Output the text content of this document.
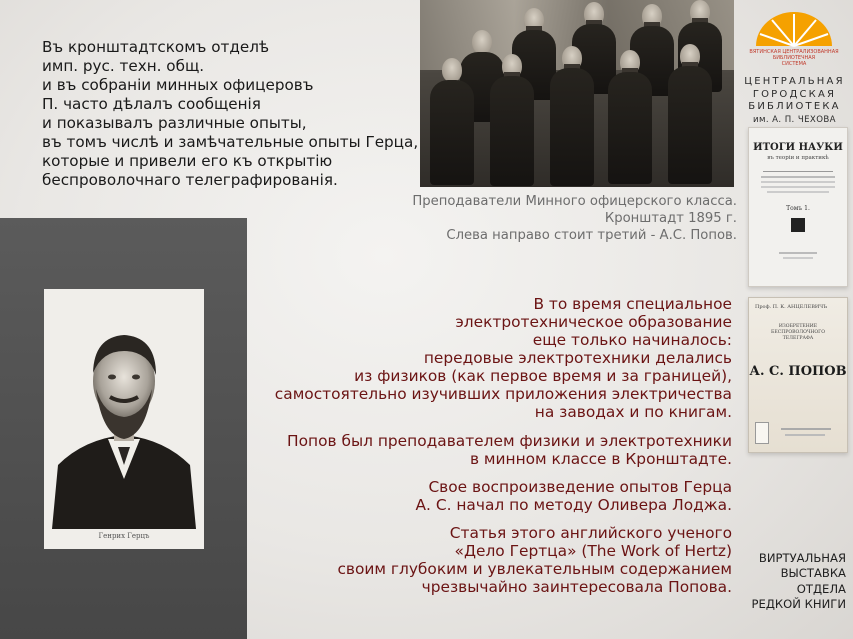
Въ кронштадтскомъ отделѣ
имп. рус. техн. общ.
и въ собраніи минных офицеровъ
П. часто дѣлалъ сообщенія
и показывалъ различные опыты,
въ томъ числѣ и замѣчательные опыты Герца,
которые и привели его къ открытію
беспроволочнаго телеграфированія.
Преподаватели Минного офицерского класса.
Кронштадт 1895 г.
Слева направо стоит третий - А.С. Попов.
Генрих Герцъ
ВЯТИНСКАЯ ЦЕНТРАЛИЗОВАННАЯ
БИБЛИОТЕЧНАЯ
СИСТЕМА
ЦЕНТРАЛЬНАЯ
ГОРОДСКАЯ
БИБЛИОТЕКА
им. А. П. ЧЕХОВА
ИТОГИ НАУКИ
въ теоріи и практикѣ
Томъ 1.
Проф. П. К. АНЦЕЛЕВИЧЪ
ИЗОБРЕТЕНИЕ БЕСПРОВОЛОЧНОГО ТЕЛЕГРАФА
А. С. ПОПОВ
ВИРТУАЛЬНАЯ
ВЫСТАВКА
ОТДЕЛА
РЕДКОЙ КНИГИ
В то время специальное
электротехническое образование
еще только начиналось:
передовые электротехники делались
из физиков (как первое время и за границей),
самостоятельно изучивших приложения электричества
на заводах и по книгам.
Попов был преподавателем физики и электротехники
в минном классе в Кронштадте.
Свое воспроизведение опытов Герца
А. С. начал по методу Оливера Лоджа.
Статья этого английского ученого
«Дело Гертца» (The Work of Hertz)
своим глубоким и увлекательным содержанием
чрезвычайно заинтересовала Попова.
